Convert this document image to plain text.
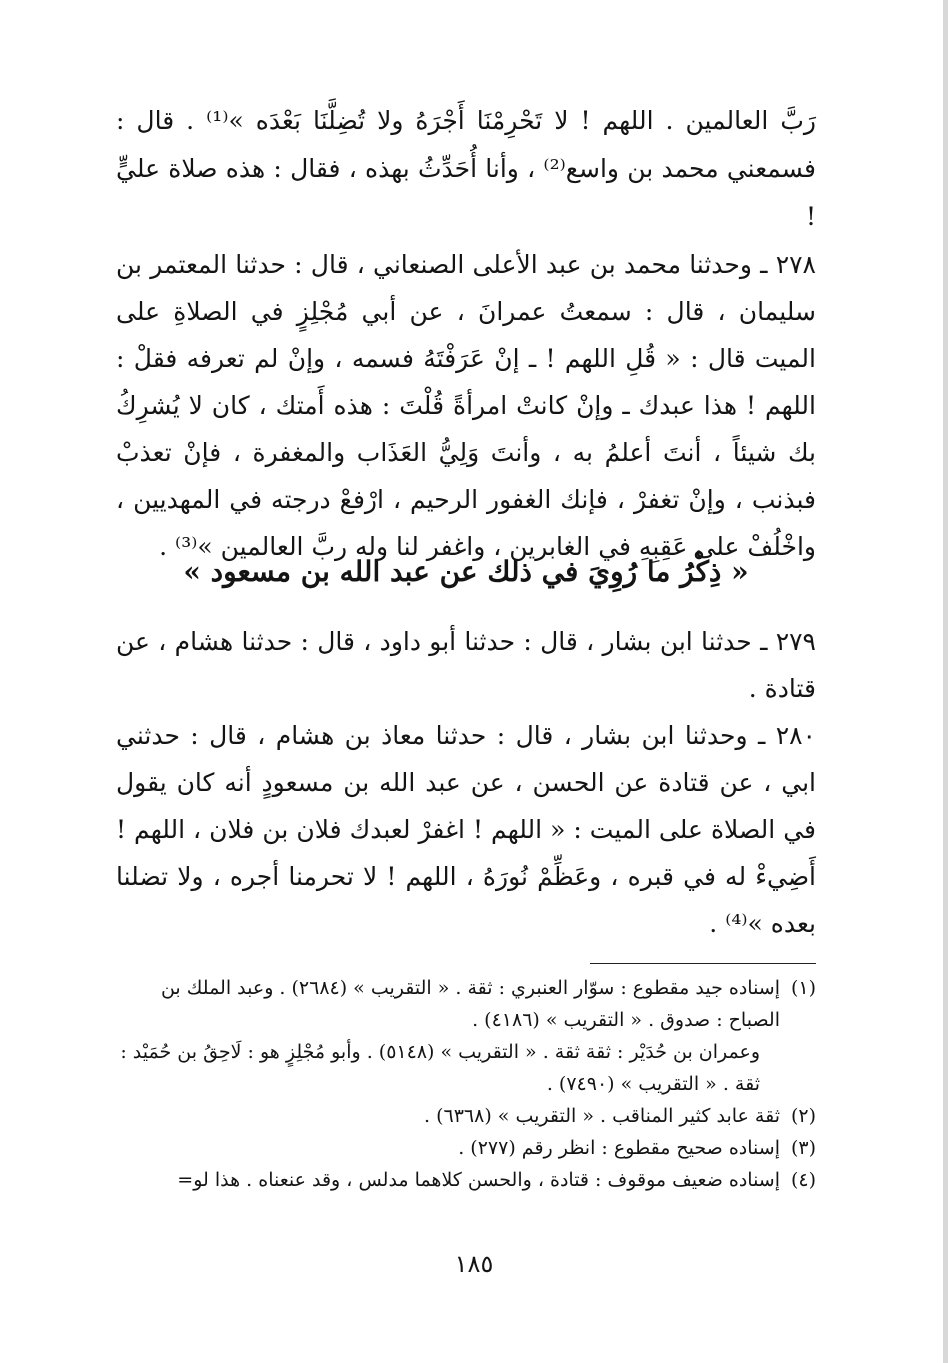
رَبَّ العالمين . اللهم ! لا تَحْرِمْنَا أَجْرَهُ ولا تُضِلَّنَا بَعْدَه »⁽¹⁾ . قال : فسمعني محمد بن واسع⁽²⁾ ، وأنا أُحَدِّثُ بهذه ، فقال : هذه صلاة عليٍّ !

٢٧٨ ـ وحدثنا محمد بن عبد الأعلى الصنعاني ، قال : حدثنا المعتمر بن سليمان ، قال : سمعتُ عمرانَ ، عن أبي مُجْلِزٍ في الصلاةِ على الميت قال : « قُلِ اللهم ! ـ إنْ عَرَفْتَهُ فسمه ، وإنْ لم تعرفه فقلْ : اللهم ! هذا عبدك ـ وإنْ كانتْ امرأةً قُلْتَ : هذه أَمتك ، كان لا يُشرِكُ بك شيئاً ، أنتَ أعلمُ به ، وأنتَ وَلِيُّ العَذَاب والمغفرة ، فإنْ تعذبْ فبذنب ، وإنْ تغفرْ ، فإنك الغفور الرحيم ، ارْفعْ درجته في المهديين ، واخْلُفْ على عَقِبِهِ في الغابرين ، واغفر لنا وله ربَّ العالمين »⁽³⁾ .

« ذِكْرُ ما رُوِيَ في ذلك عن عبد الله بن مسعود »

٢٧٩ ـ حدثنا ابن بشار ، قال : حدثنا أبو داود ، قال : حدثنا هشام ، عن قتادة .

٢٨٠ ـ وحدثنا ابن بشار ، قال : حدثنا معاذ بن هشام ، قال : حدثني ابي ، عن قتادة عن الحسن ، عن عبد الله بن مسعودٍ أنه كان يقول في الصلاة على الميت : « اللهم ! اغفرْ لعبدك فلان بن فلان ، اللهم ! أَضِيءْ له في قبره ، وعَظِّمْ نُورَهُ ، اللهم ! لا تحرمنا أجره ، ولا تضلنا بعده »⁽⁴⁾ .

(١)
إسناده جيد مقطوع : سوّار العنبري : ثقة . « التقريب » (٢٦٨٤) . وعبد الملك بن الصباح : صدوق . « التقريب » (٤١٨٦) .
وعمران بن حُدَيْر : ثقة ثقة . « التقريب » (٥١٤٨) . وأبو مُجْلِزٍ هو : لَاحِقُ بن حُمَيْد : ثقة . « التقريب » (٧٤٩٠) .
(٢)
ثقة عابد كثير المناقب . « التقريب » (٦٣٦٨) .
(٣)
إسناده صحيح مقطوع : انظر رقم (٢٧٧) .
(٤)
إسناده ضعيف موقوف : قتادة ، والحسن كلاهما مدلس ، وقد عنعناه . هذا لو=
١٨٥
